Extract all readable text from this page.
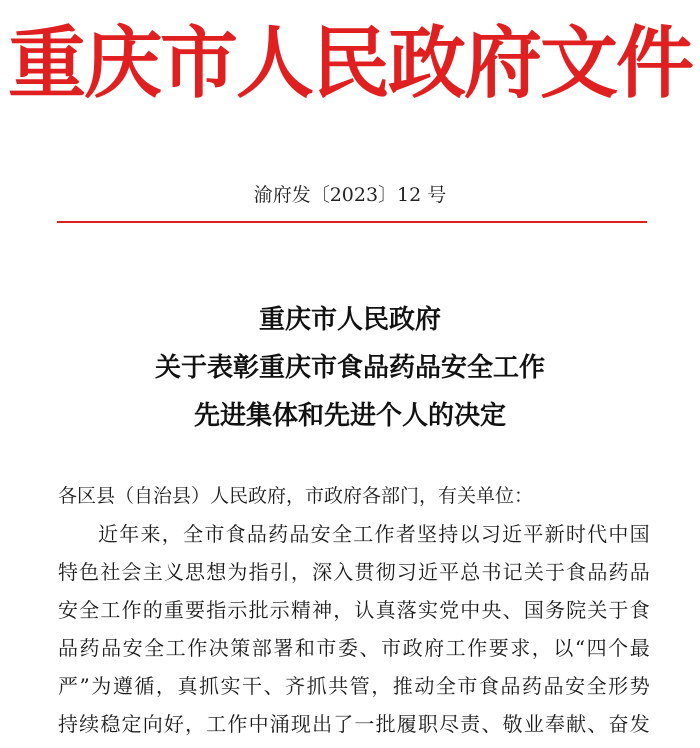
重庆市人民政府文件
渝府发〔2023〕12 号
重庆市人民政府
关于表彰重庆市食品药品安全工作
先进集体和先进个人的决定
各区县（自治县）人民政府，市政府各部门，有关单位：
近年来，全市食品药品安全工作者坚持以习近平新时代中国
特色社会主义思想为指引，深入贯彻习近平总书记关于食品药品
安全工作的重要指示批示精神，认真落实党中央、国务院关于食
品药品安全工作决策部署和市委、市政府工作要求，以“四个最
严”为遵循，真抓实干、齐抓共管，推动全市食品药品安全形势
持续稳定向好，工作中涌现出了一批履职尽责、敬业奉献、奋发
